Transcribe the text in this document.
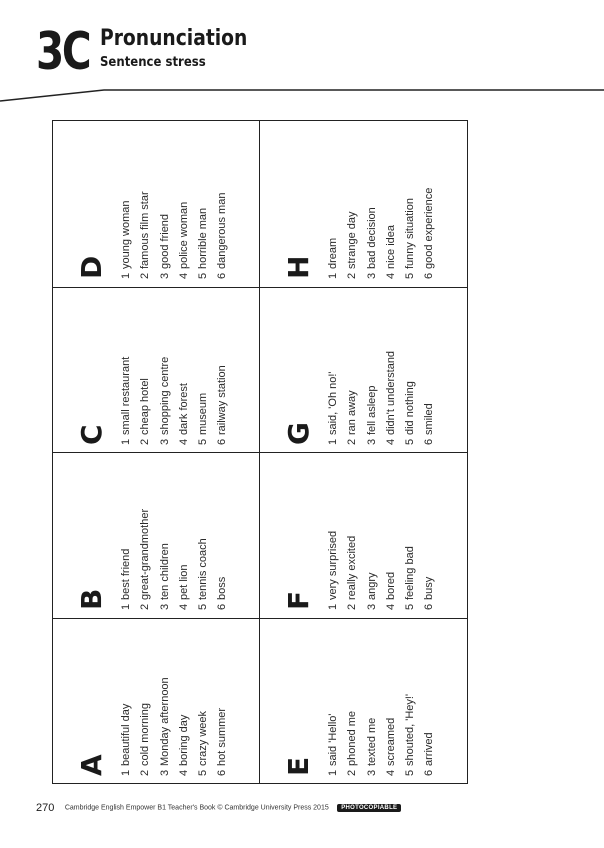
3C Pronunciation
Sentence stress
A 1beautiful day
2cold morning
3Monday afternoon
4boring day
5crazy week
6hot summer
B 1best friend
2great-grandmother
3ten children
4pet lion
5tennis coach
6boss
C 1small restaurant
2cheap hotel
3shopping centre
4dark forest
5museum
6railway station
D 1young woman
2famous film star
3good friend
4police woman
5horrible man
6dangerous man
E 1said 'Hello'
2phoned me
3texted me
4screamed
5shouted, 'Hey!'
6arrived
F 1very surprised
2really excited
3angry
4bored
5feeling bad
6busy
G 1said, 'Oh no!'
2ran away
3fell asleep
4didn't understand
5did nothing
6smiled
H 1dream
2strange day
3bad decision
4nice idea
5funny situation
6good experience
270 Cambridge English Empower B1 Teacher's Book © Cambridge University Press 2015 PHOTOCOPIABLE
